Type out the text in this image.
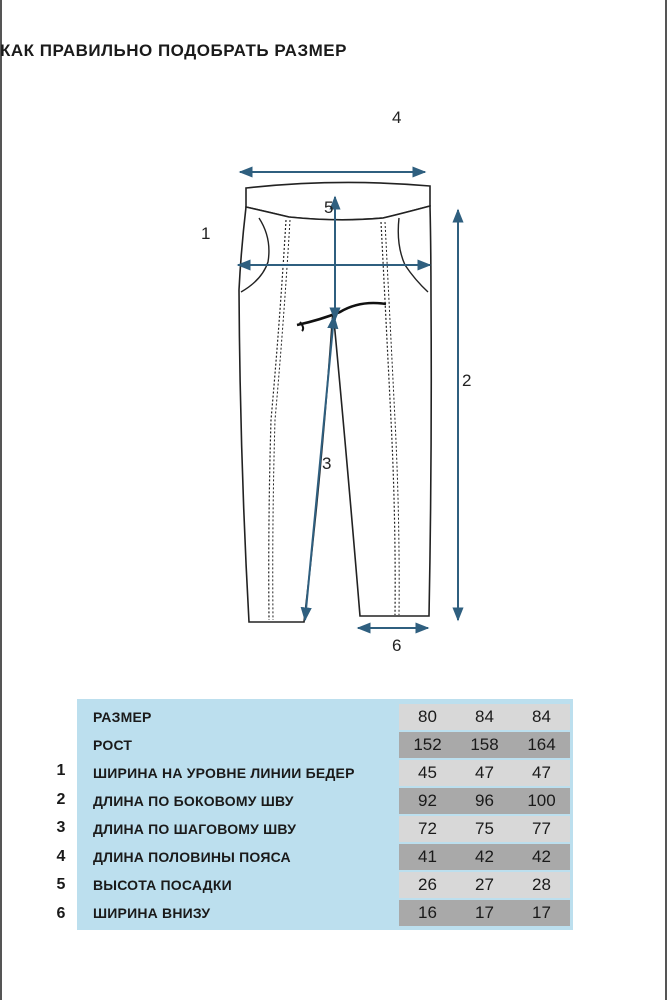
КАК ПРАВИЛЬНО ПОДОБРАТЬ РАЗМЕР
4
1
5
2
3
6
1
2
3
4
5
6
РАЗМЕР	80	84	84
РОСТ	152	158	164
ШИРИНА НА УРОВНЕ ЛИНИИ БЕДЕР	45	47	47
ДЛИНА ПО БОКОВОМУ ШВУ	92	96	100
ДЛИНА ПО ШАГОВОМУ ШВУ	72	75	77
ДЛИНА ПОЛОВИНЫ ПОЯСА	41	42	42
ВЫСОТА ПОСАДКИ	26	27	28
ШИРИНА ВНИЗУ	16	17	17
